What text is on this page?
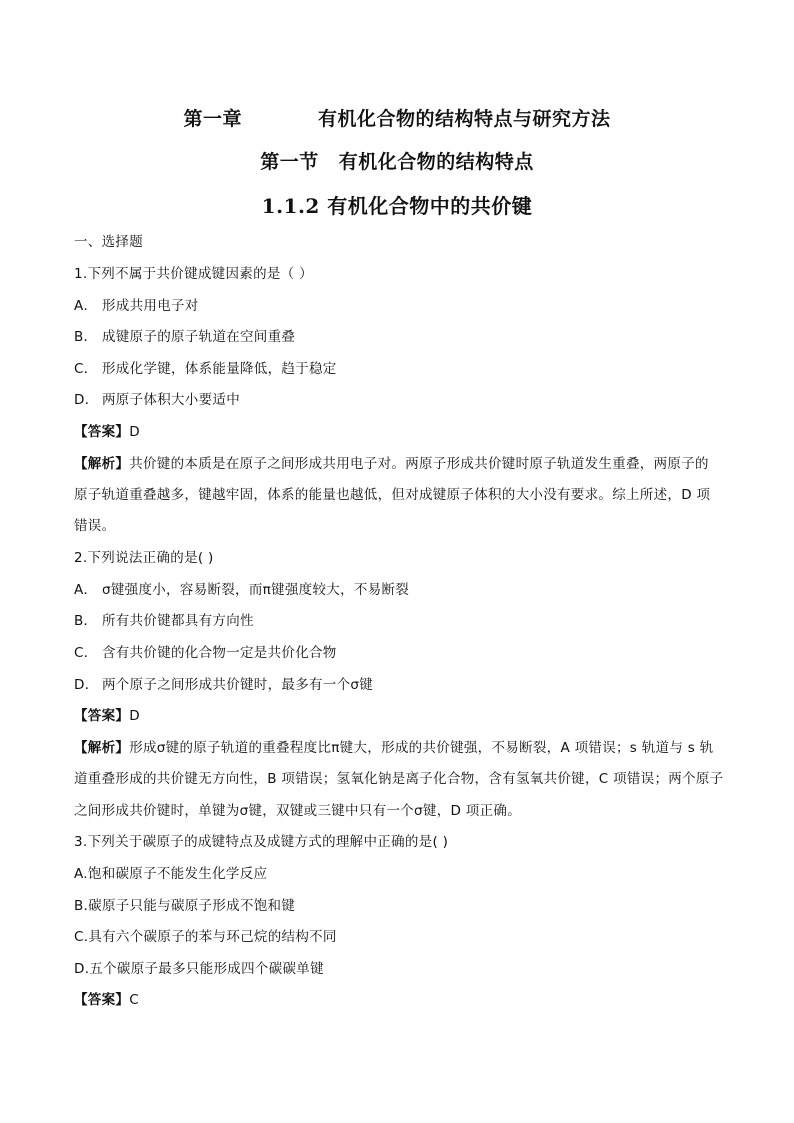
第一章	有机化合物的结构特点与研究方法
第一节 有机化合物的结构特点
1.1.2 有机化合物中的共价键
一、选择题
1.下列不属于共价键成键因素的是（ ）
A． 形成共用电子对
B． 成键原子的原子轨道在空间重叠
C． 形成化学键，体系能量降低，趋于稳定
D． 两原子体积大小要适中
【答案】D
【解析】共价键的本质是在原子之间形成共用电子对。两原子形成共价键时原子轨道发生重叠，两原子的
原子轨道重叠越多，键越牢固，体系的能量也越低，但对成键原子体积的大小没有要求。综上所述，D 项
错误。
2.下列说法正确的是( )
A． σ键强度小，容易断裂，而π键强度较大，不易断裂
B． 所有共价键都具有方向性
C． 含有共价键的化合物一定是共价化合物
D． 两个原子之间形成共价键时，最多有一个σ键
【答案】D
【解析】形成σ键的原子轨道的重叠程度比π键大，形成的共价键强，不易断裂，A 项错误；s 轨道与 s 轨
道重叠形成的共价键无方向性，B 项错误；氢氧化钠是离子化合物，含有氢氧共价键，C 项错误；两个原子
之间形成共价键时，单键为σ键，双键或三键中只有一个σ键，D 项正确。
3.下列关于碳原子的成键特点及成键方式的理解中正确的是( )
A.饱和碳原子不能发生化学反应
B.碳原子只能与碳原子形成不饱和键
C.具有六个碳原子的苯与环己烷的结构不同
D.五个碳原子最多只能形成四个碳碳单键
【答案】C
